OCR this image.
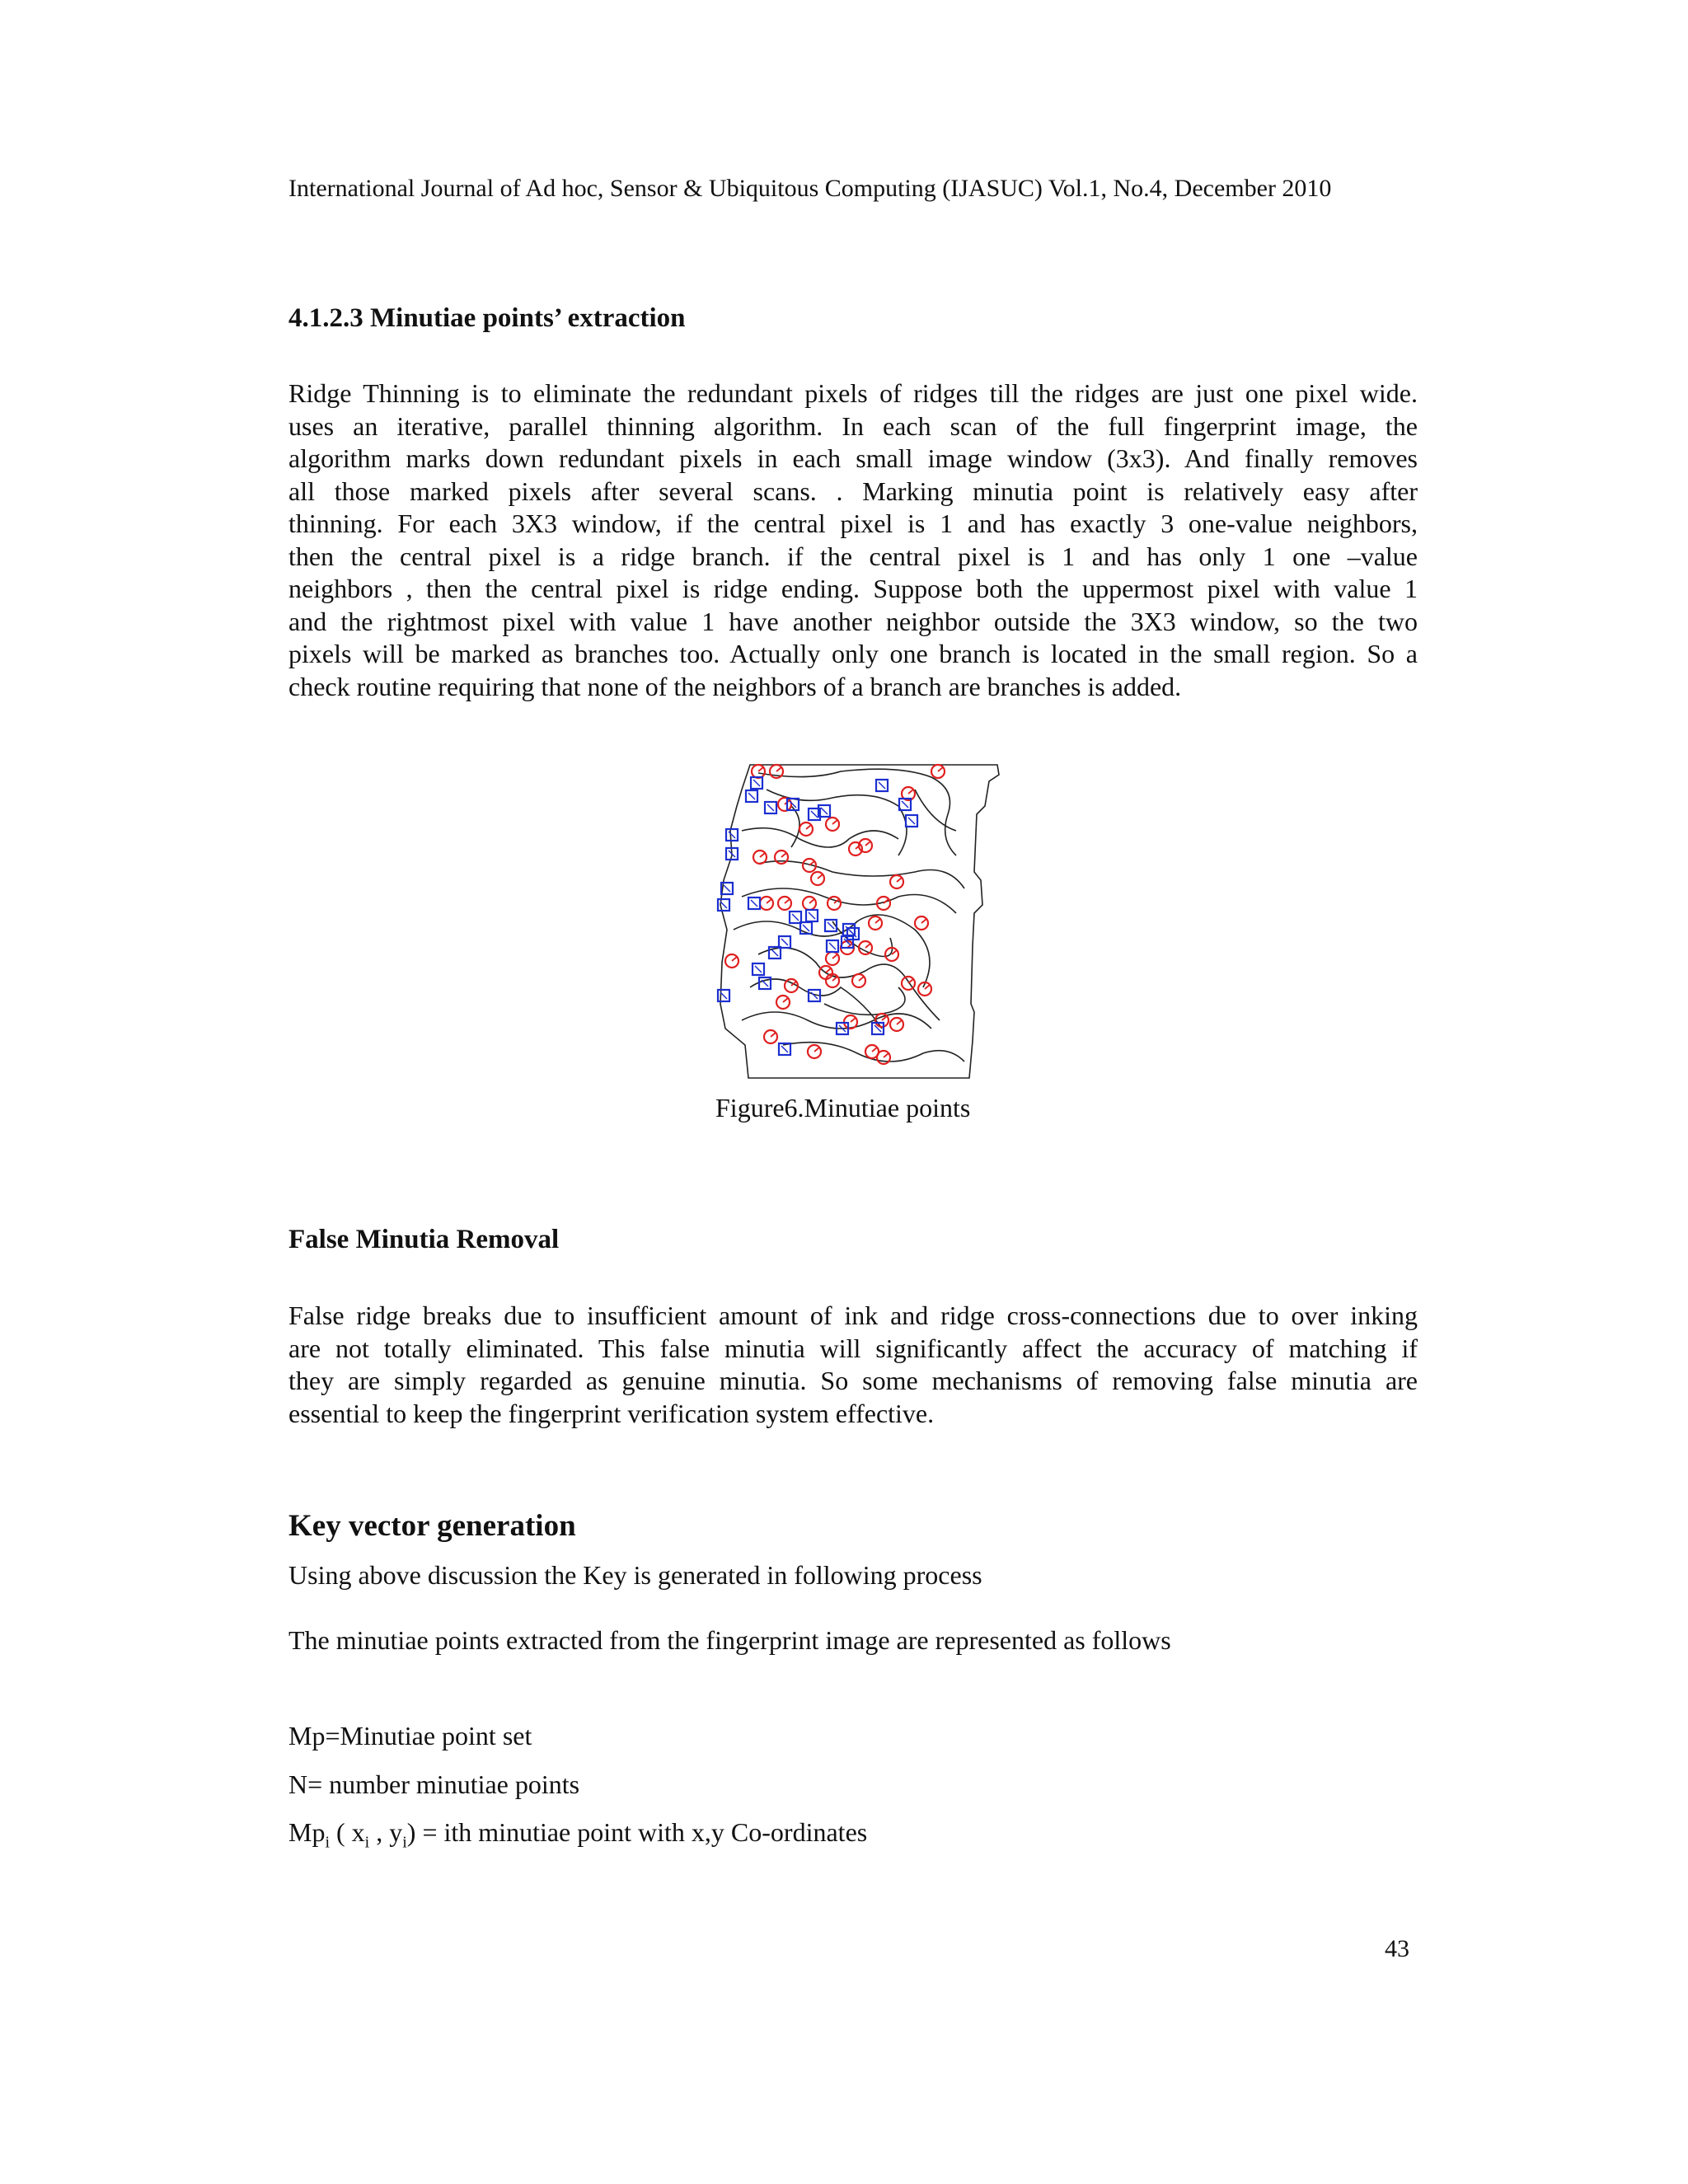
International Journal of Ad hoc, Sensor & Ubiquitous Computing (IJASUC) Vol.1, No.4, December 2010
4.1.2.3 Minutiae points’ extraction
Ridge Thinning is to eliminate the redundant pixels of ridges till the ridges are just one pixel wide.
uses an iterative, parallel thinning algorithm. In each scan of the full fingerprint image, the
algorithm marks down redundant pixels in each small image window (3x3). And finally removes
all those marked pixels after several scans. . Marking minutia point is relatively easy after
thinning. For each 3X3 window, if the central pixel is 1 and has exactly 3 one-value neighbors,
then the central pixel is a ridge branch. if the central pixel is 1 and has only 1 one –value
neighbors , then the central pixel is ridge ending. Suppose both the uppermost pixel with value 1
and the rightmost pixel with value 1 have another neighbor outside the 3X3 window, so the two
pixels will be marked as branches too. Actually only one branch is located in the small region. So a
check routine requiring that none of the neighbors of a branch are branches is added.
Figure6.Minutiae points
False Minutia Removal
False ridge breaks due to insufficient amount of ink and ridge cross-connections due to over inking
are not totally eliminated. This false minutia will significantly affect the accuracy of matching if
they are simply regarded as genuine minutia. So some mechanisms of removing false minutia are
essential to keep the fingerprint verification system effective.
Key vector generation
Using above discussion the Key is generated in following process
The minutiae points extracted from the fingerprint image are represented as follows
Mp=Minutiae point set
N= number minutiae points
$Mp_i$ ( $x_i$ , $y_i$) = ith minutiae point with x,y Co-ordinates
43
